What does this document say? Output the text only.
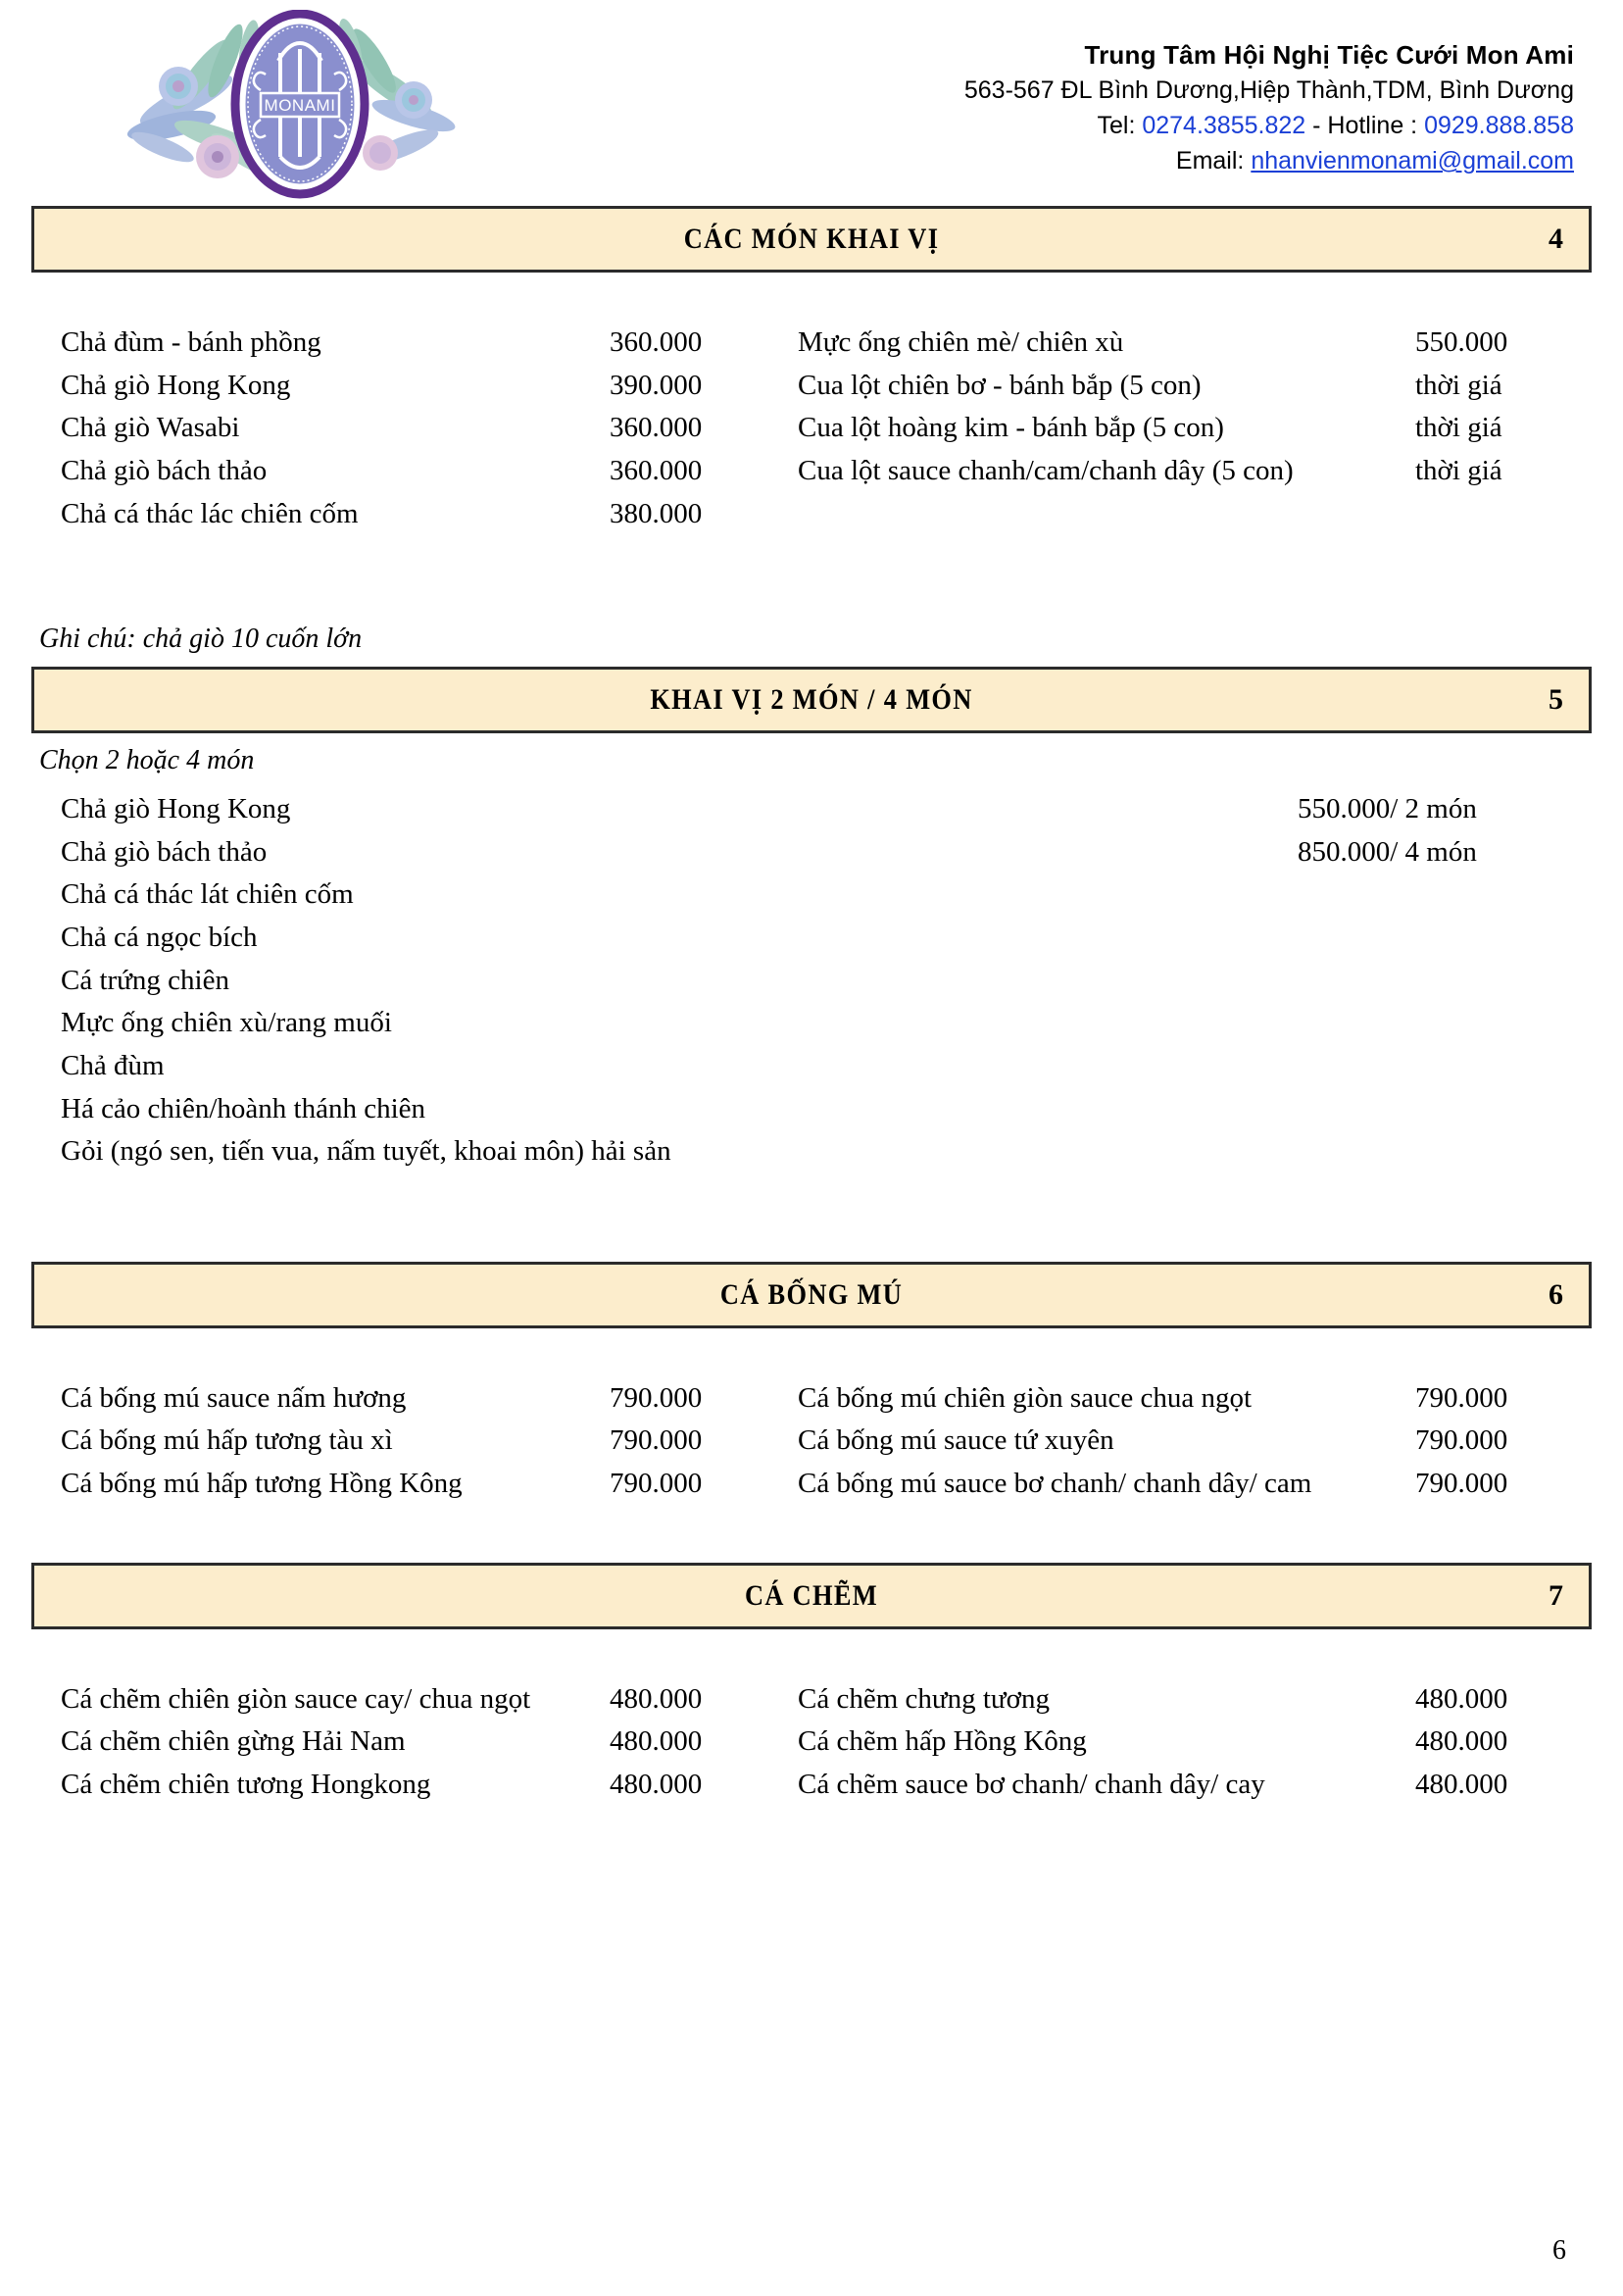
MONAMI
Trung Tâm Hội Nghị Tiệc Cưới Mon Ami
563-567 ĐL Bình Dương,Hiệp Thành,TDM, Bình Dương
Tel: 0274.3855.822 - Hotline : 0929.888.858
Email: nhanvienmonami@gmail.com
CÁC MÓN KHAI VỊ	4
Chả đùm - bánh phồng	360.000	Mực ống chiên mè/ chiên xù	550.000
Chả giò Hong Kong	390.000	Cua lột chiên bơ - bánh bắp (5 con)	thời giá
Chả giò Wasabi	360.000	Cua lột hoàng kim - bánh bắp (5 con)	thời giá
Chả giò bách thảo	360.000	Cua lột sauce chanh/cam/chanh dây (5 con)	thời giá
Chả cá thác lác chiên cốm	380.000		
Ghi chú: chả giò 10 cuốn lớn
KHAI VỊ 2 MÓN / 4 MÓN	5
Chọn 2 hoặc 4 món
Chả giò Hong Kong	550.000/ 2 món
Chả giò bách thảo	850.000/ 4 món
Chả cá thác lát chiên cốm	
Chả cá ngọc bích	
Cá trứng chiên	
Mực ống chiên xù/rang muối	
Chả đùm	
Há cảo chiên/hoành thánh chiên	
Gỏi (ngó sen, tiến vua, nấm tuyết, khoai môn) hải sản	
CÁ BỐNG MÚ	6
Cá bống mú sauce nấm hương	790.000	Cá bống mú chiên giòn sauce chua ngọt	790.000
Cá bống mú hấp tương tàu xì	790.000	Cá bống mú sauce tứ xuyên	790.000
Cá bống mú hấp tương Hồng Kông	790.000	Cá bống mú sauce bơ chanh/ chanh dây/ cam	790.000
CÁ CHẼM	7
Cá chẽm chiên giòn sauce cay/ chua ngọt	480.000	Cá chẽm chưng tương	480.000
Cá chẽm chiên gừng Hải Nam	480.000	Cá chẽm hấp Hồng Kông	480.000
Cá chẽm chiên tương Hongkong	480.000	Cá chẽm sauce bơ chanh/ chanh dây/ cay	480.000
6
